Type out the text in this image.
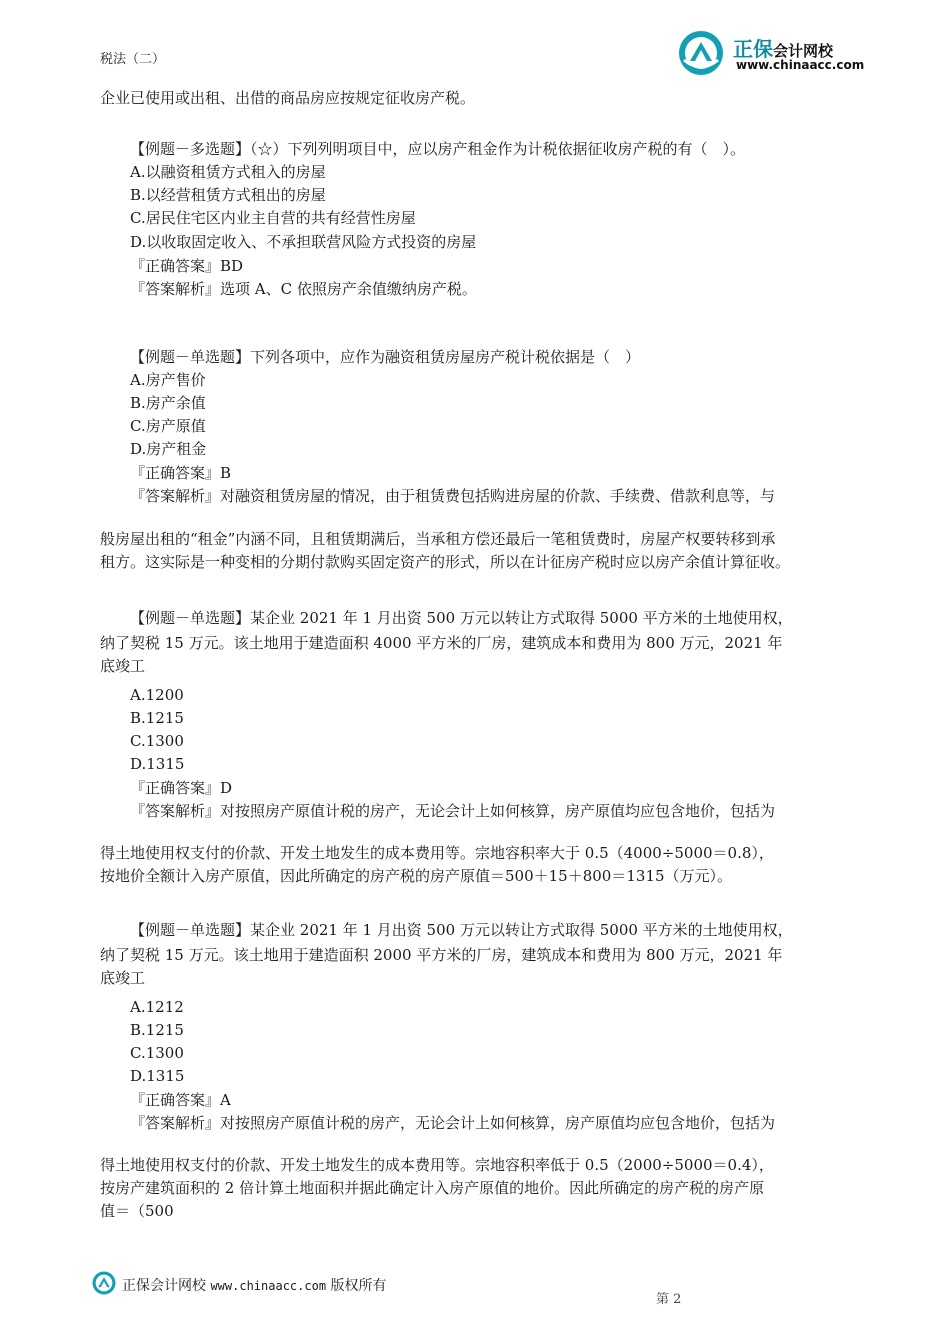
税法（二）	正保会计网校
www.chinaacc.com
企业已使用或出租、出借的商品房应按规定征收房产税。
【例题－多选题】（☆）下列列明项目中，应以房产租金作为计税依据征收房产税的有（　）。
A.以融资租赁方式租入的房屋
B.以经营租赁方式租出的房屋
C.居民住宅区内业主自营的共有经营性房屋
D.以收取固定收入、不承担联营风险方式投资的房屋
『正确答案』BD
『答案解析』选项 A、C 依照房产余值缴纳房产税。
【例题－单选题】下列各项中，应作为融资租赁房屋房产税计税依据是（　）
A.房产售价
B.房产余值
C.房产原值
D.房产租金
『正确答案』B
『答案解析』对融资租赁房屋的情况，由于租赁费包括购进房屋的价款、手续费、借款利息等，与
般房屋出租的“租金”内涵不同，且租赁期满后，当承租方偿还最后一笔租赁费时，房屋产权要转移到承
租方。这实际是一种变相的分期付款购买固定资产的形式，所以在计征房产税时应以房产余值计算征收。
【例题－单选题】某企业 2021 年 1 月出资 500 万元以转让方式取得 5000 平方米的土地使用权，
纳了契税 15 万元。该土地用于建造面积 4000 平方米的厂房，建筑成本和费用为 800 万元，2021 年
底竣工
A.1200
B.1215
C.1300
D.1315
『正确答案』D
『答案解析』对按照房产原值计税的房产，无论会计上如何核算，房产原值均应包含地价，包括为
得土地使用权支付的价款、开发土地发生的成本费用等。宗地容积率大于 0.5（4000÷5000＝0.8），
按地价全额计入房产原值，因此所确定的房产税的房产原值＝500＋15＋800＝1315（万元）。
【例题－单选题】某企业 2021 年 1 月出资 500 万元以转让方式取得 5000 平方米的土地使用权，
纳了契税 15 万元。该土地用于建造面积 2000 平方米的厂房，建筑成本和费用为 800 万元，2021 年
底竣工
A.1212
B.1215
C.1300
D.1315
『正确答案』A
『答案解析』对按照房产原值计税的房产，无论会计上如何核算，房产原值均应包含地价，包括为
得土地使用权支付的价款、开发土地发生的成本费用等。宗地容积率低于 0.5（2000÷5000＝0.4），
按房产建筑面积的 2 倍计算土地面积并据此确定计入房产原值的地价。因此所确定的房产税的房产原
值＝（500
正保会计网校 www.chinaacc.com 版权所有
第 2
